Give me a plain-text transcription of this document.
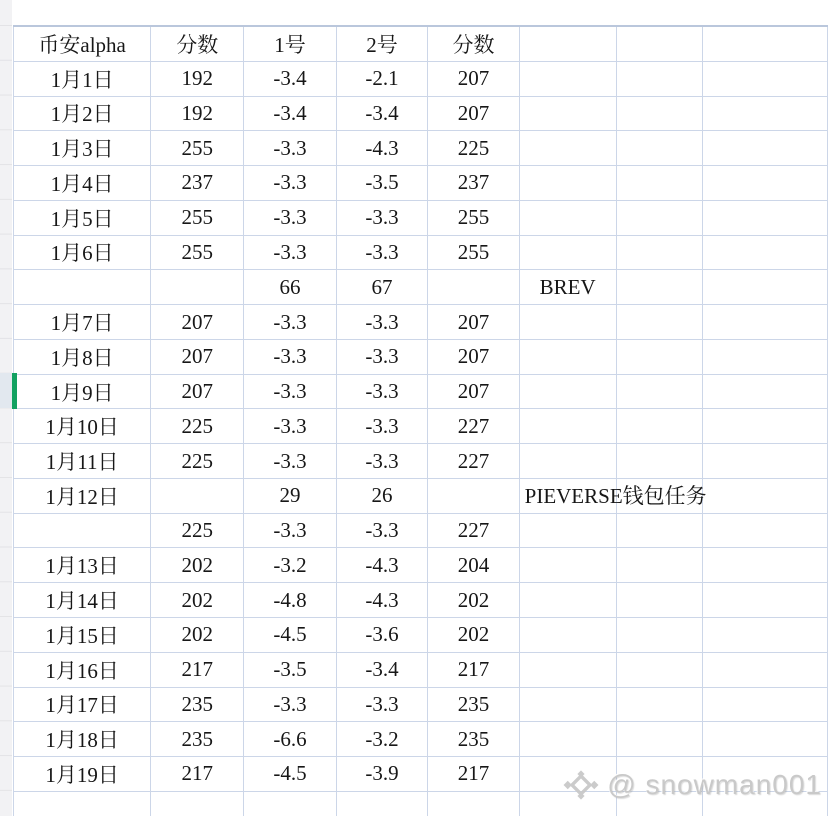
币安alpha	分数	1号	2号	分数			
1月1日	192	-3.4	-2.1	207			
1月2日	192	-3.4	-3.4	207			
1月3日	255	-3.3	-4.3	225			
1月4日	237	-3.3	-3.5	237			
1月5日	255	-3.3	-3.3	255			
1月6日	255	-3.3	-3.3	255			
		66	67		BREV		
1月7日	207	-3.3	-3.3	207			
1月8日	207	-3.3	-3.3	207			
1月9日	207	-3.3	-3.3	207			
1月10日	225	-3.3	-3.3	227			
1月11日	225	-3.3	-3.3	227			
1月12日		29	26		PIEVERSE钱包任务		

	225	-3.3	-3.3	227			
1月13日	202	-3.2	-4.3	204			
1月14日	202	-4.8	-4.3	202			
1月15日	202	-4.5	-3.6	202			
1月16日	217	-3.5	-3.4	217			
1月17日	235	-3.3	-3.3	235			
1月18日	235	-6.6	-3.2	235			
1月19日	217	-4.5	-3.9	217			
								@ snowman001
